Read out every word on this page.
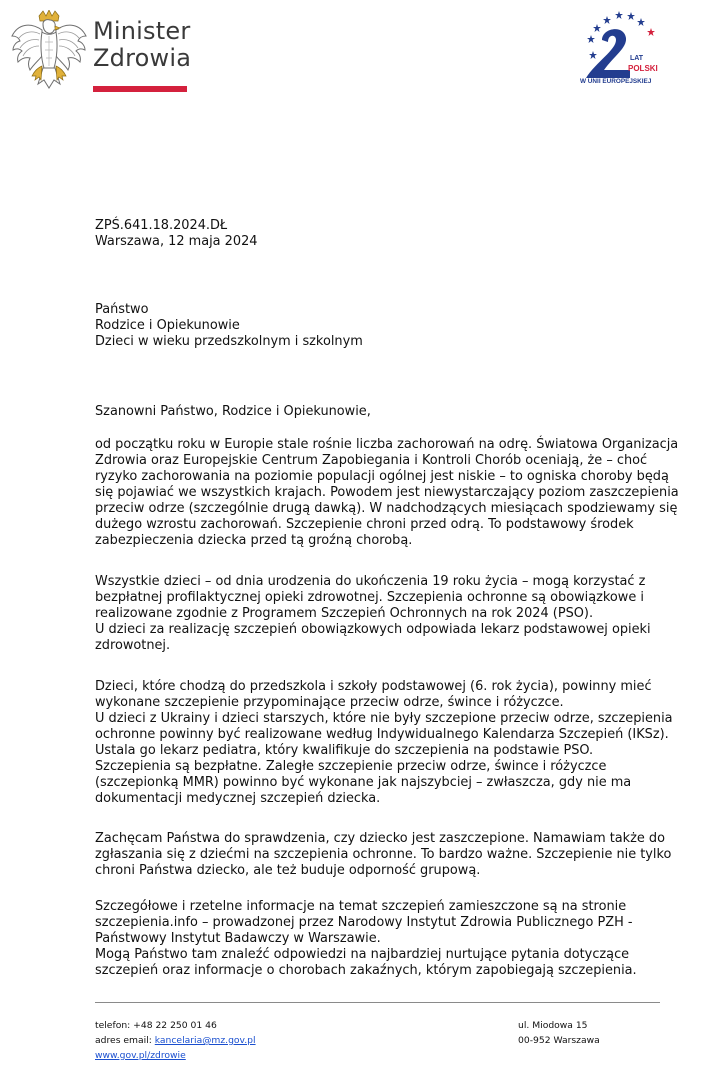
Minister
Zdrowia	LAT
POLSKI
W UNII EUROPEJSKIEJ
ZPŚ.641.18.2024.DŁ
Warszawa, 12 maja 2024
Państwo
Rodzice i Opiekunowie
Dzieci w wieku przedszkolnym i szkolnym
Szanowni Państwo, Rodzice i Opiekunowie,
od początku roku w Europie stale rośnie liczba zachorowań na odrę. Światowa Organizacja
Zdrowia oraz Europejskie Centrum Zapobiegania i Kontroli Chorób oceniają, że – choć
ryzyko zachorowania na poziomie populacji ogólnej jest niskie – to ogniska choroby będą
się pojawiać we wszystkich krajach. Powodem jest niewystarczający poziom zaszczepienia
przeciw odrze (szczególnie drugą dawką). W nadchodzących miesiącach spodziewamy się
dużego wzrostu zachorowań. Szczepienie chroni przed odrą. To podstawowy środek
zabezpieczenia dziecka przed tą groźną chorobą.
Wszystkie dzieci – od dnia urodzenia do ukończenia 19 roku życia – mogą korzystać z
bezpłatnej profilaktycznej opieki zdrowotnej. Szczepienia ochronne są obowiązkowe i
realizowane zgodnie z Programem Szczepień Ochronnych na rok 2024 (PSO).
U dzieci za realizację szczepień obowiązkowych odpowiada lekarz podstawowej opieki
zdrowotnej.
Dzieci, które chodzą do przedszkola i szkoły podstawowej (6. rok życia), powinny mieć
wykonane szczepienie przypominające przeciw odrze, śwince i różyczce.
U dzieci z Ukrainy i dzieci starszych, które nie były szczepione przeciw odrze, szczepienia
ochronne powinny być realizowane według Indywidualnego Kalendarza Szczepień (IKSz).
Ustala go lekarz pediatra, który kwalifikuje do szczepienia na podstawie PSO.
Szczepienia są bezpłatne. Zaległe szczepienie przeciw odrze, śwince i różyczce
(szczepionką MMR) powinno być wykonane jak najszybciej – zwłaszcza, gdy nie ma
dokumentacji medycznej szczepień dziecka.
Zachęcam Państwa do sprawdzenia, czy dziecko jest zaszczepione. Namawiam także do
zgłaszania się z dziećmi na szczepienia ochronne. To bardzo ważne. Szczepienie nie tylko
chroni Państwa dziecko, ale też buduje odporność grupową.
Szczegółowe i rzetelne informacje na temat szczepień zamieszczone są na stronie
szczepienia.info – prowadzonej przez Narodowy Instytut Zdrowia Publicznego PZH -
Państwowy Instytut Badawczy w Warszawie.
Mogą Państwo tam znaleźć odpowiedzi na najbardziej nurtujące pytania dotyczące
szczepień oraz informacje o chorobach zakaźnych, którym zapobiegają szczepienia.
telefon: +48 22 250 01 46
adres email: kancelaria@mz.gov.pl
www.gov.pl/zdrowie
ul. Miodowa 15
00-952 Warszawa
